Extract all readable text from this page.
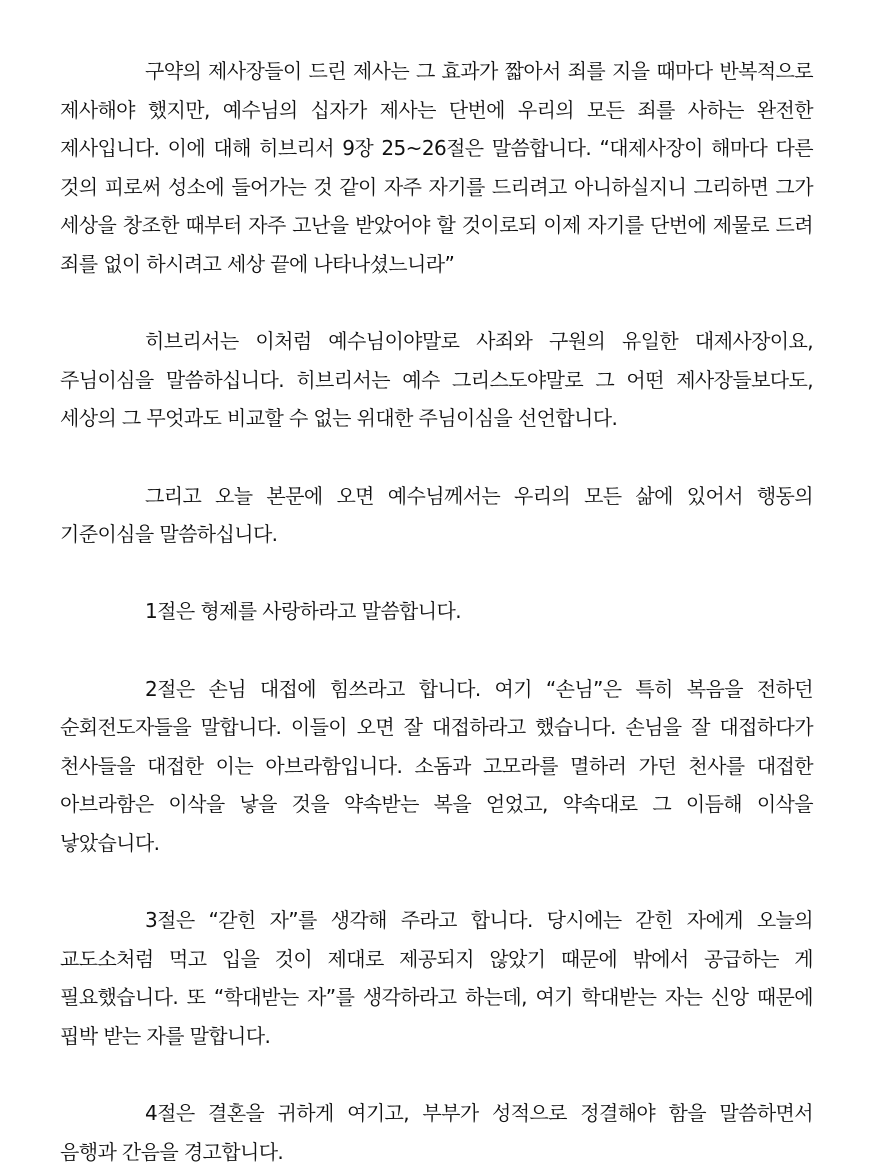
구약의 제사장들이 드린 제사는 그 효과가 짧아서 죄를 지을 때마다 반복적으로 제사해야 했지만, 예수님의 십자가 제사는 단번에 우리의 모든 죄를 사하는 완전한 제사입니다. 이에 대해 히브리서 9장 25~26절은 말씀합니다. “대제사장이 해마다 다른 것의 피로써 성소에 들어가는 것 같이 자주 자기를 드리려고 아니하실지니 그리하면 그가 세상을 창조한 때부터 자주 고난을 받았어야 할 것이로되 이제 자기를 단번에 제물로 드려 죄를 없이 하시려고 세상 끝에 나타나셨느니라”

히브리서는 이처럼 예수님이야말로 사죄와 구원의 유일한 대제사장이요, 주님이심을 말씀하십니다. 히브리서는 예수 그리스도야말로 그 어떤 제사장들보다도, 세상의 그 무엇과도 비교할 수 없는 위대한 주님이심을 선언합니다.

그리고 오늘 본문에 오면 예수님께서는 우리의 모든 삶에 있어서 행동의 기준이심을 말씀하십니다.

1절은 형제를 사랑하라고 말씀합니다.

2절은 손님 대접에 힘쓰라고 합니다. 여기 “손님”은 특히 복음을 전하던 순회전도자들을 말합니다. 이들이 오면 잘 대접하라고 했습니다. 손님을 잘 대접하다가 천사들을 대접한 이는 아브라함입니다. 소돔과 고모라를 멸하러 가던 천사를 대접한 아브라함은 이삭을 낳을 것을 약속받는 복을 얻었고, 약속대로 그 이듬해 이삭을 낳았습니다.

3절은 “갇힌 자”를 생각해 주라고 합니다. 당시에는 갇힌 자에게 오늘의 교도소처럼 먹고 입을 것이 제대로 제공되지 않았기 때문에 밖에서 공급하는 게 필요했습니다. 또 “학대받는 자”를 생각하라고 하는데, 여기 학대받는 자는 신앙 때문에 핍박 받는 자를 말합니다.

4절은 결혼을 귀하게 여기고, 부부가 성적으로 정결해야 함을 말씀하면서 음행과 간음을 경고합니다.
